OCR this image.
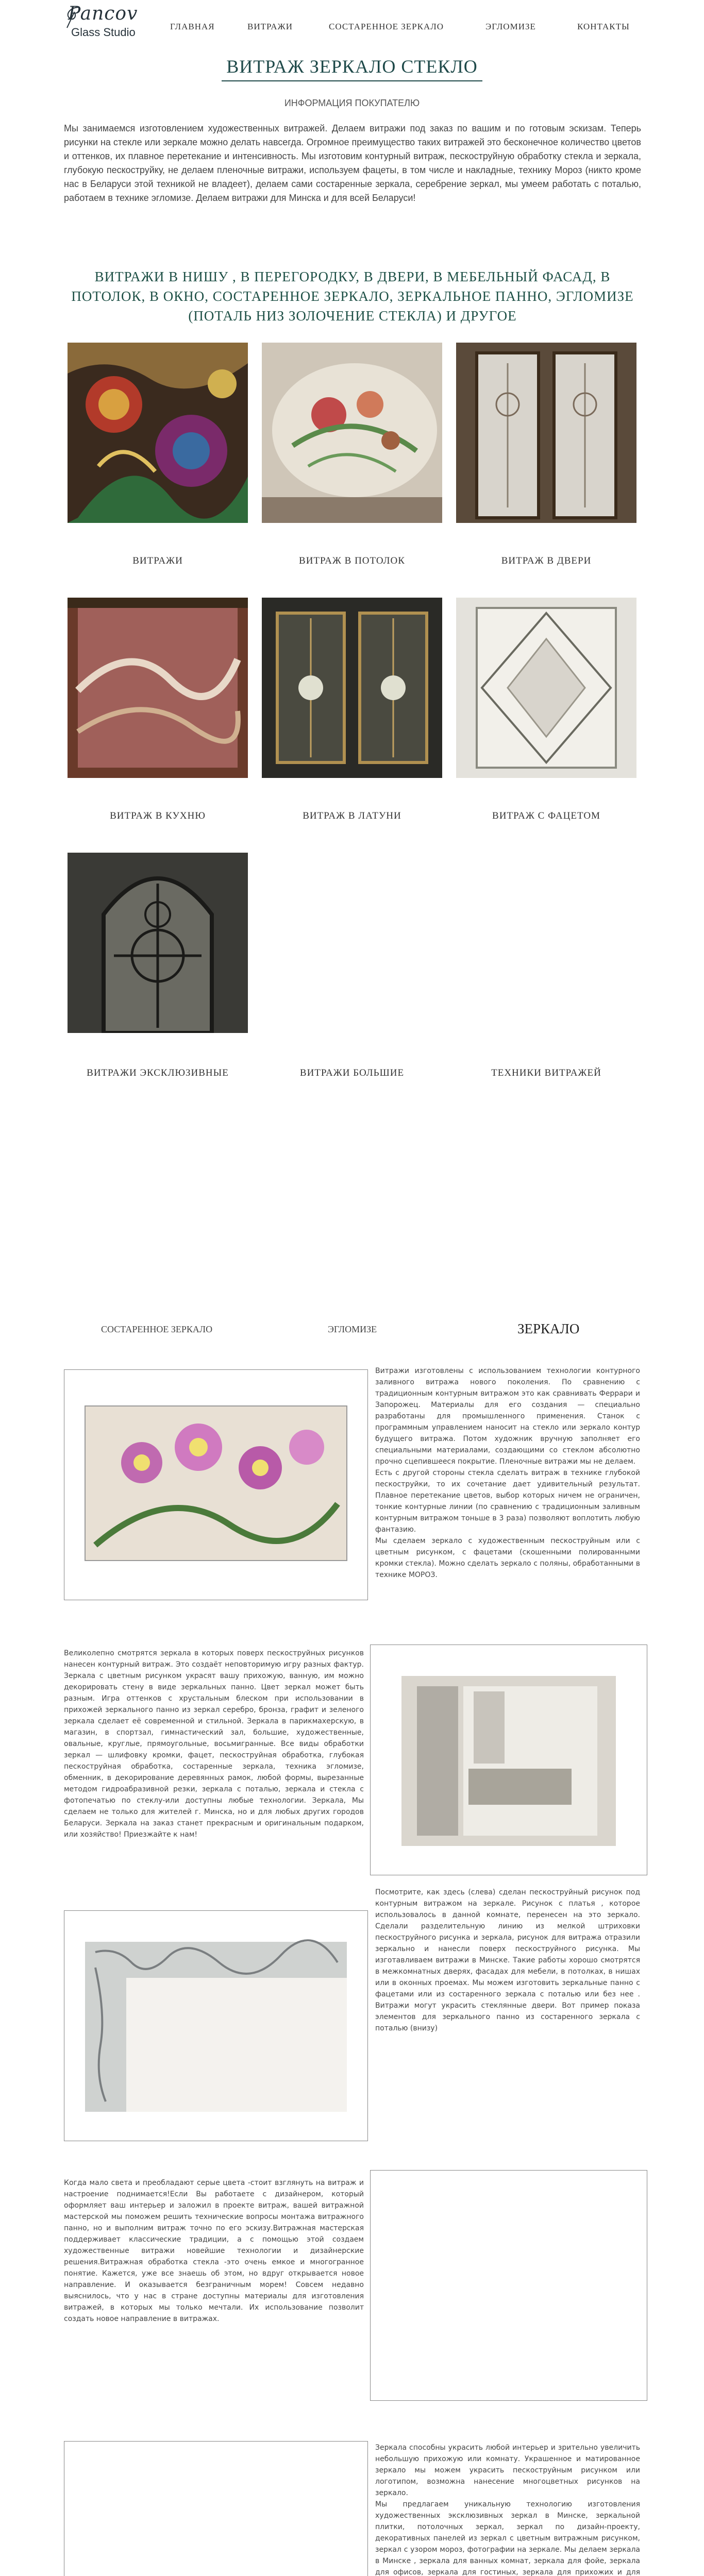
Pancov
Glass Studio	ГЛАВНАЯ	ВИТРАЖИ	СОСТАРЕННОЕ ЗЕРКАЛО	ЭГЛОМИЗЕ	КОНТАКТЫ
ВИТРАЖ ЗЕРКАЛО СТЕКЛО
ИНФОРМАЦИЯ ПОКУПАТЕЛЮ
Мы занимаемся изготовлением художественных витражей. Делаем витражи под заказ по вашим и по готовым эскизам. Теперь рисунки на стекле или зеркале можно делать навсегда. Огромное преимущество таких витражей это бесконечное количество цветов и оттенков, их плавное перетекание и интенсивность. Мы изготовим контурный витраж, пескоструйную обработку стекла и зеркала, глубокую пескоструйку, не делаем пленочные витражи, используем фацеты, в том числе и накладные, технику Мороз (никто кроме нас в Беларуси этой техникой не владеет), делаем сами состаренные зеркала, серебрение зеркал, мы умеем работать с поталью, работаем в технике эгломизе. Делаем витражи для Минска и для всей Беларуси!
ВИТРАЖИ В НИШУ , В ПЕРЕГОРОДКУ, В ДВЕРИ, В МЕБЕЛЬНЫЙ ФАСАД, В ПОТОЛОК, В ОКНО, СОСТАРЕННОЕ ЗЕРКАЛО, ЗЕРКАЛЬНОЕ ПАННО, ЭГЛОМИЗЕ (ПОТАЛЬ НИЗ ЗОЛОЧЕНИЕ СТЕКЛА) И ДРУГОЕ
ВИТРАЖИ	ВИТРАЖ В ПОТОЛОК	ВИТРАЖ В ДВЕРИ
ВИТРАЖ В КУХНЮ	ВИТРАЖ В ЛАТУНИ	ВИТРАЖ С ФАЦЕТОМ
ВИТРАЖИ ЭКСКЛЮЗИВНЫЕ	ВИТРАЖИ БОЛЬШИЕ	ТЕХНИКИ ВИТРАЖЕЙ
СОСТАРЕННОЕ ЗЕРКАЛО	ЭГЛОМИЗЕ	ЗЕРКАЛО
Витражи изготовлены с использованием технологии контурного заливного витража нового поколения. По сравнению с традиционным контурным витражом это как сравнивать Феррари и Запорожец. Материалы для его создания — специально разработаны для промышленного применения. Станок с программным управлением наносит на стекло или зеркало контур будущего витража. Потом художник вручную заполняет его специальными материалами, создающими со стеклом абсолютно прочно сцепившееся покрытие. Пленочные витражи мы не делаем.
Есть с другой стороны стекла сделать витраж в технике глубокой пескоструйки, то их сочетание дает удивительный результат. Плавное перетекание цветов, выбор которых ничем не ограничен, тонкие контурные линии (по сравнению с традиционным заливным контурным витражом тоньше в 3 раза) позволяют воплотить любую фантазию.
Мы сделаем зеркало с художественным пескоструйным или с цветным рисунком, с фацетами (скошенными полированными кромки стекла). Можно сделать зеркало с поляны, обработанными в технике МОРОЗ.
Великолепно смотрятся зеркала в которых поверх пескоструйных рисунков нанесен контурный витраж. Это создаёт неповторимую игру разных фактур. Зеркала с цветным рисунком украсят вашу прихожую, ванную, им можно декорировать стену в виде зеркальных панно. Цвет зеркал может быть разным. Игра оттенков с хрустальным блеском при использовании в прихожей зеркального панно из зеркал серебро, бронза, графит и зеленого зеркала сделает её современной и стильной. Зеркала в парикмахерскую, в магазин, в спортзал, гимнастический зал, большие, художественные, овальные, круглые, прямоугольные, восьмигранные. Все виды обработки зеркал — шлифовку кромки, фацет, пескоструйная обработка, глубокая пескоструйная обработка, состаренные зеркала, техника эгломизе, обменник, в декорирование деревянных рамок, любой формы, вырезанные методом гидроабразивной резки, зеркала с поталью, зеркала и стекла с фотопечатью по стеклу-или доступны любые технологии. Зеркала, Мы сделаем не только для жителей г. Минска, но и для любых других городов Беларуси. Зеркала на заказ станет прекрасным и оригинальным подарком, или хозяйство! Приезжайте к нам!
Посмотрите, как здесь (слева) сделан пескоструйный рисунок под контурным витражом на зеркале. Рисунок с платья , которое использовалось в данной комнате, перенесен на это зеркало. Сделали разделительную линию из мелкой штриховки пескоструйного рисунка и зеркала, рисунок для витража отразили зеркально и нанесли поверх пескоструйного рисунка. Мы изготавливаем витражи в Минске. Такие работы хорошо смотрятся в межкомнатных дверях, фасадах для мебели, в потолках, в нишах или в оконных проемах. Мы можем изготовить зеркальные панно с фацетами или из состаренного зеркала с поталью или без нее . Витражи могут украсить стеклянные двери. Вот пример показа элементов для зеркального панно из состаренного зеркала с поталью (внизу)
Когда мало света и преобладают серые цвета -стоит взглянуть на витраж и настроение поднимается!Если Вы работаете с дизайнером, который оформляет ваш интерьер и заложил в проекте витраж, вашей витражной мастерской мы поможем решить технические вопросы монтажа витражного панно, но и выполним витраж точно по его эскизу.Витражная мастерская поддерживает классические традиции, а с помощью этой создаем художественные витражи новейшие технологии и дизайнерские решения.Витражная обработка стекла -это очень емкое и многогранное понятие. Кажется, уже все знаешь об этом, но вдруг открывается новое направление. И оказывается безграничным морем! Совсем недавно выяснилось, что у нас в стране доступны материалы для изготовления витражей, в которых мы только мечтали. Их использование позволит создать новое направление в витражах.
Зеркала способны украсить любой интерьер и зрительно увеличить небольшую прихожую или комнату. Украшенное и матированное зеркало мы можем украсить пескоструйным рисунком или логотипом, возможна нанесение многоцветных рисунков на зеркало.
Мы предлагаем уникальную технологию изготовления художественных эксклюзивных зеркал в Минске, зеркальной плитки, потолочных зеркал, зеркал по дизайн-проекту, декоративных панелей из зеркал с цветным витражным рисунком, зеркал с узором мороз, фотографии на зеркале. Мы делаем зеркала в Минске , зеркала для ванных комнат, зеркала для фойе, зеркала для офисов, зеркала для гостиных, зеркала для прихожих и для
